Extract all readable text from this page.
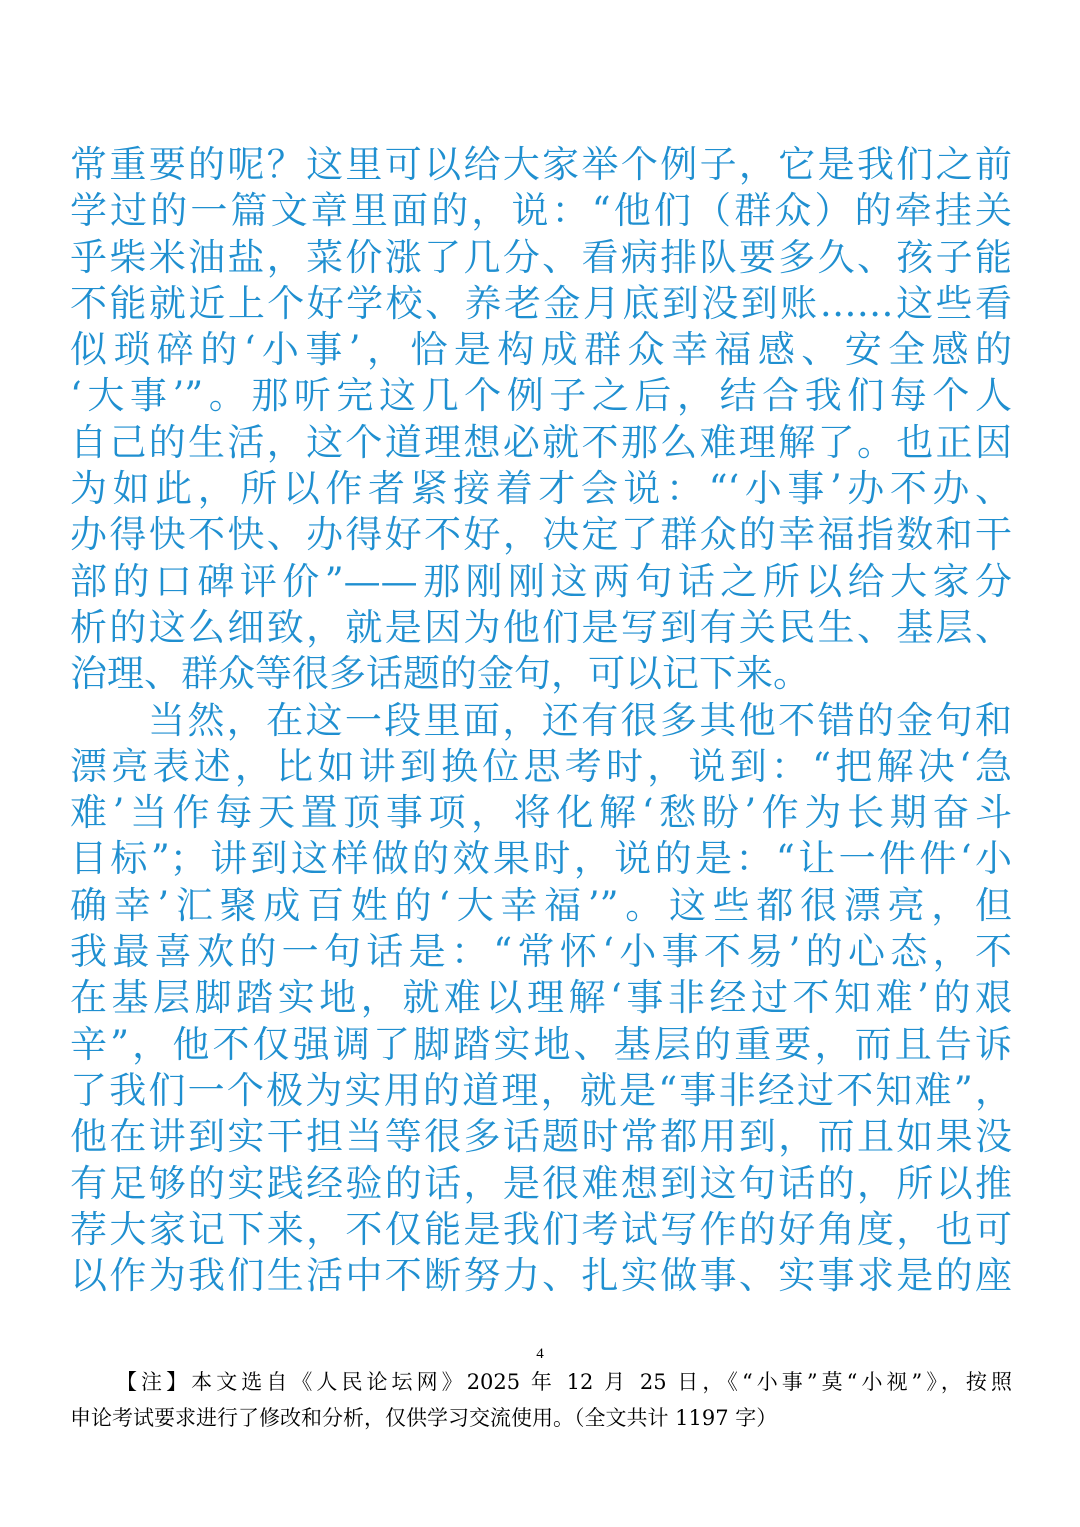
常重要的呢？这里可以给大家举个例子，它是我们之前
学过的一篇文章里面的，说：“他们（群众）的牵挂关
乎柴米油盐，菜价涨了几分、看病排队要多久、孩子能
不能就近上个好学校、养老金月底到没到账……这些看
似琐碎的‘小事’，恰是构成群众幸福感、安全感的
‘大事’”。那听完这几个例子之后，结合我们每个人
自己的生活，这个道理想必就不那么难理解了。也正因
为如此，所以作者紧接着才会说：“‘小事’办不办、
办得快不快、办得好不好，决定了群众的幸福指数和干
部的口碑评价”——那刚刚这两句话之所以给大家分
析的这么细致，就是因为他们是写到有关民生、基层、
治理、群众等很多话题的金句，可以记下来。
当然，在这一段里面，还有很多其他不错的金句和
漂亮表述，比如讲到换位思考时，说到：“把解决‘急
难’当作每天置顶事项，将化解‘愁盼’作为长期奋斗
目标”；讲到这样做的效果时，说的是：“让一件件‘小
确幸’汇聚成百姓的‘大幸福’”。这些都很漂亮，但
我最喜欢的一句话是：“常怀‘小事不易’的心态，不
在基层脚踏实地，就难以理解‘事非经过不知难’的艰
辛”，他不仅强调了脚踏实地、基层的重要，而且告诉
了我们一个极为实用的道理，就是“事非经过不知难”，
他在讲到实干担当等很多话题时常都用到，而且如果没
有足够的实践经验的话，是很难想到这句话的，所以推
荐大家记下来，不仅能是我们考试写作的好角度，也可
以作为我们生活中不断努力、扎实做事、实事求是的座
4
【注】本文选自《人民论坛网》2025 年 12 月 25 日，《“小事”莫“小视”》，按照
申论考试要求进行了修改和分析，仅供学习交流使用。（全文共计 1197 字）
